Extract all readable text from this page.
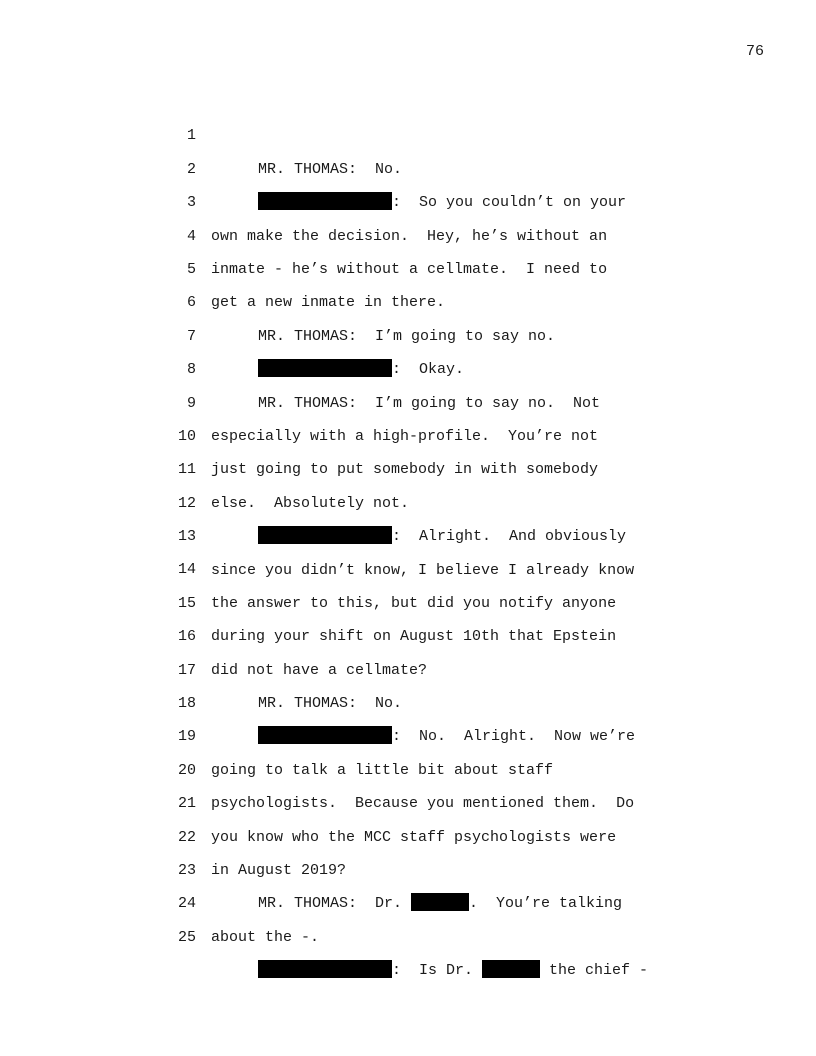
76

1

MR. THOMAS:  No.

2

:  So you couldn’t on your

3

own make the decision.  Hey, he’s without an

4

inmate - he’s without a cellmate.  I need to

5

get a new inmate in there.

6

MR. THOMAS:  I’m going to say no.

7

:  Okay.

8

MR. THOMAS:  I’m going to say no.  Not

9

especially with a high-profile.  You’re not

10

just going to put somebody in with somebody

11

else.  Absolutely not.

12

:  Alright.  And obviously

13

since you didn’t know, I believe I already know

14

the answer to this, but did you notify anyone

15

during your shift on August 10th that Epstein

16

did not have a cellmate?

17

MR. THOMAS:  No.

18

:  No.  Alright.  Now we’re

19

going to talk a little bit about staff

20

psychologists.  Because you mentioned them.  Do

21

you know who the MCC staff psychologists were

22

in August 2019?

23

MR. THOMAS:  Dr.	.  You’re talking

24

about the -.

25

:  Is Dr.	the chief -
